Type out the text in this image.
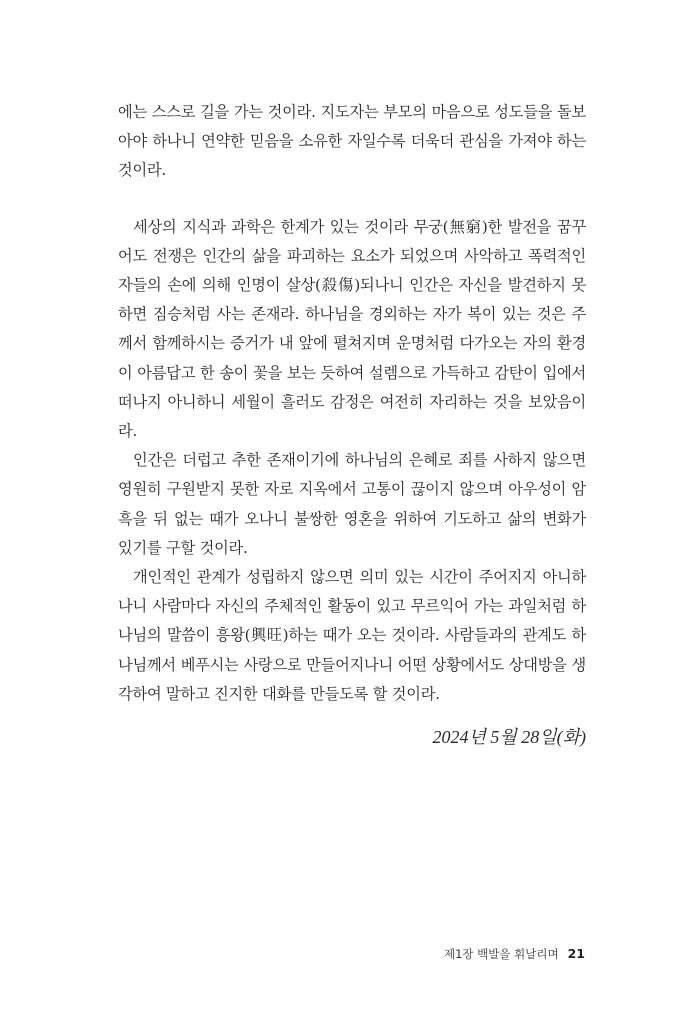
에는 스스로 길을 가는 것이라. 지도자는 부모의 마음으로 성도들을 돌보아야 하나니 연약한 믿음을 소유한 자일수록 더욱더 관심을 가져야 하는 것이라.

세상의 지식과 과학은 한계가 있는 것이라 무궁(無窮)한 발전을 꿈꾸어도 전쟁은 인간의 삶을 파괴하는 요소가 되었으며 사악하고 폭력적인 자들의 손에 의해 인명이 살상(殺傷)되나니 인간은 자신을 발견하지 못하면 짐승처럼 사는 존재라. 하나님을 경외하는 자가 복이 있는 것은 주께서 함께하시는 증거가 내 앞에 펼쳐지며 운명처럼 다가오는 자의 환경이 아름답고 한 송이 꽃을 보는 듯하여 설렘으로 가득하고 감탄이 입에서 떠나지 아니하니 세월이 흘러도 감정은 여전히 자리하는 것을 보았음이라.

인간은 더럽고 추한 존재이기에 하나님의 은혜로 죄를 사하지 않으면 영원히 구원받지 못한 자로 지옥에서 고통이 끊이지 않으며 아우성이 암흑을 뒤 없는 때가 오나니 불쌍한 영혼을 위하여 기도하고 삶의 변화가 있기를 구할 것이라.

개인적인 관계가 성립하지 않으면 의미 있는 시간이 주어지지 아니하나니 사람마다 자신의 주체적인 활동이 있고 무르익어 가는 과일처럼 하나님의 말씀이 흥왕(興旺)하는 때가 오는 것이라. 사람들과의 관계도 하나님께서 베푸시는 사랑으로 만들어지나니 어떤 상황에서도 상대방을 생각하여 말하고 진지한 대화를 만들도록 할 것이라.

2024년 5월 28일(화)
제1장 백발을 휘날리며 21
